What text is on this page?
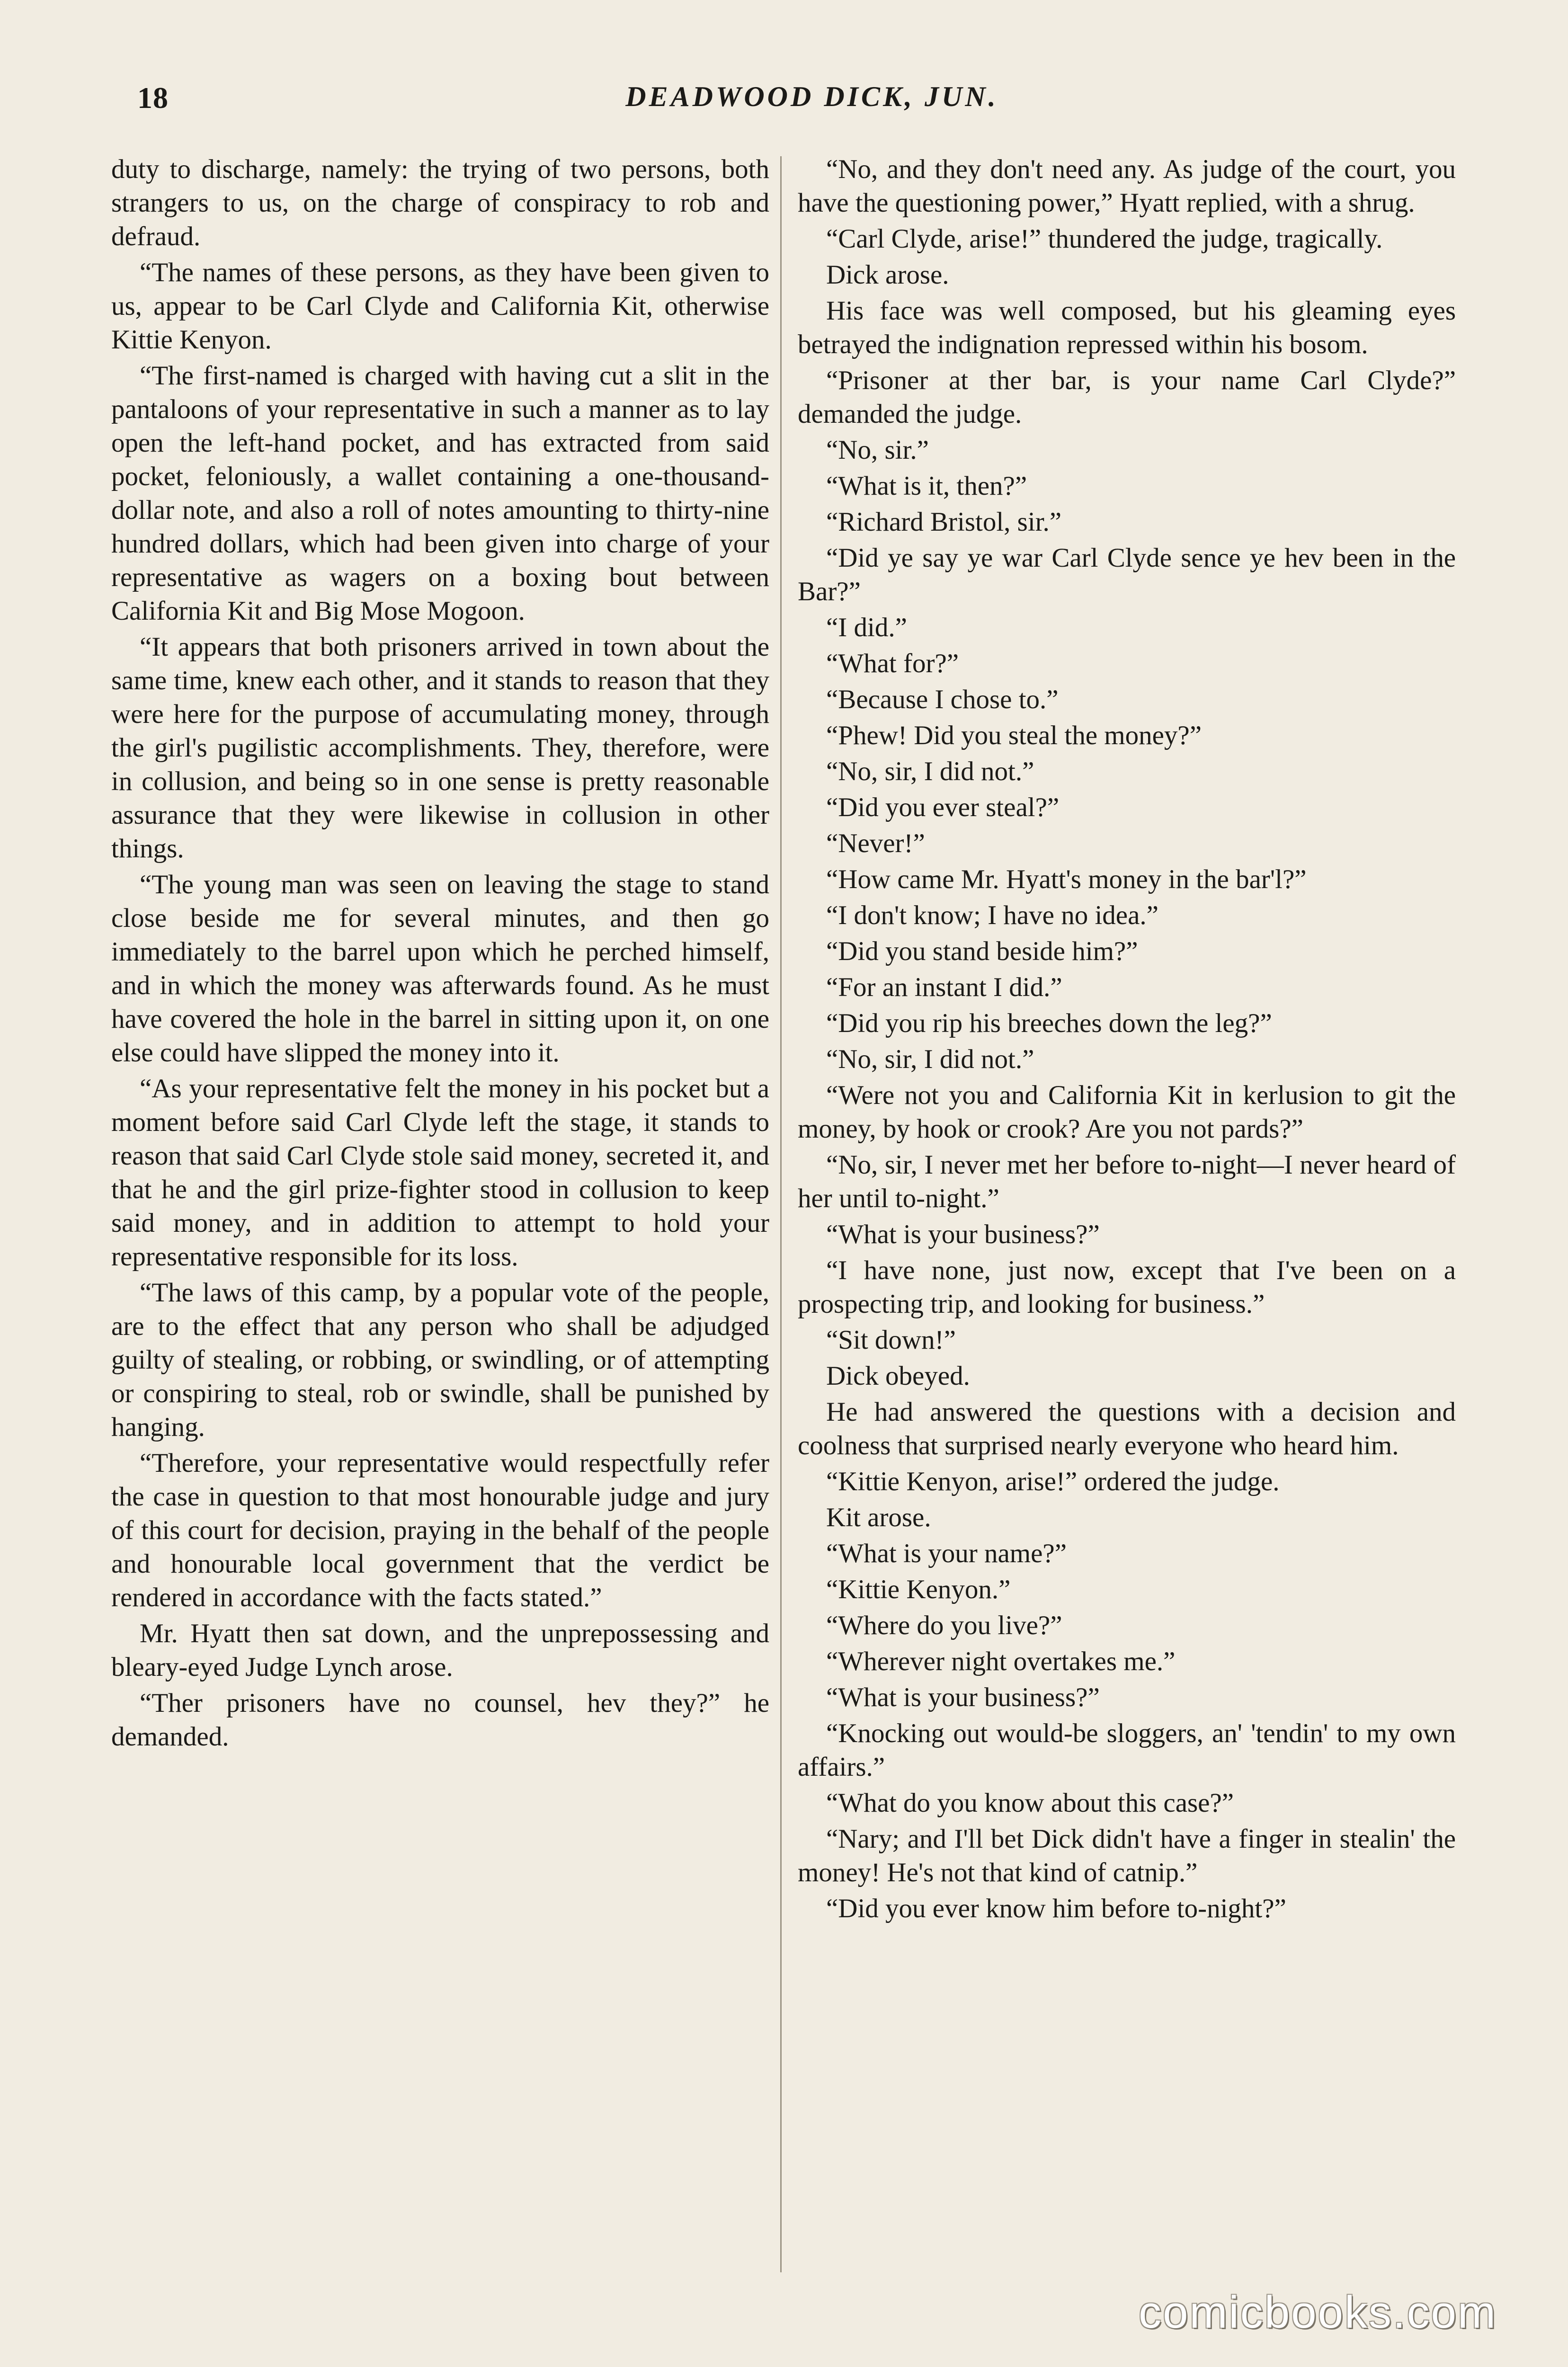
18	DEADWOOD DICK, JUN.

duty to discharge, namely: the trying of two persons, both strangers to us, on the charge of conspiracy to rob and defraud.

“The names of these persons, as they have been given to us, appear to be Carl Clyde and California Kit, otherwise Kittie Kenyon.

“The first-named is charged with having cut a slit in the pantaloons of your representative in such a manner as to lay open the left-hand pocket, and has extracted from said pocket, feloniously, a wallet containing a one-thousand-dollar note, and also a roll of notes amounting to thirty-nine hundred dollars, which had been given into charge of your representative as wagers on a boxing bout between California Kit and Big Mose Mogoon.

“It appears that both prisoners arrived in town about the same time, knew each other, and it stands to reason that they were here for the purpose of accumulating money, through the girl's pugilistic accomplishments. They, therefore, were in collusion, and being so in one sense is pretty reasonable assurance that they were likewise in collusion in other things.

“The young man was seen on leaving the stage to stand close beside me for several minutes, and then go immediately to the barrel upon which he perched himself, and in which the money was afterwards found. As he must have covered the hole in the barrel in sitting upon it, on one else could have slipped the money into it.

“As your representative felt the money in his pocket but a moment before said Carl Clyde left the stage, it stands to reason that said Carl Clyde stole said money, secreted it, and that he and the girl prize-fighter stood in collusion to keep said money, and in addition to attempt to hold your representative responsible for its loss.

“The laws of this camp, by a popular vote of the people, are to the effect that any person who shall be adjudged guilty of stealing, or robbing, or swindling, or of attempting or conspiring to steal, rob or swindle, shall be punished by hanging.

“Therefore, your representative would respectfully refer the case in question to that most honourable judge and jury of this court for decision, praying in the behalf of the people and honourable local government that the verdict be rendered in accordance with the facts stated.”

Mr. Hyatt then sat down, and the unprepossessing and bleary-eyed Judge Lynch arose.

“Ther prisoners have no counsel, hev they?” he demanded.

“No, and they don't need any. As judge of the court, you have the questioning power,” Hyatt replied, with a shrug.

“Carl Clyde, arise!” thundered the judge, tragically.

Dick arose.

His face was well composed, but his gleaming eyes betrayed the indignation repressed within his bosom.

“Prisoner at ther bar, is your name Carl Clyde?” demanded the judge.

“No, sir.”

“What is it, then?”

“Richard Bristol, sir.”

“Did ye say ye war Carl Clyde sence ye hev been in the Bar?”

“I did.”

“What for?”

“Because I chose to.”

“Phew! Did you steal the money?”

“No, sir, I did not.”

“Did you ever steal?”

“Never!”

“How came Mr. Hyatt's money in the bar'l?”

“I don't know; I have no idea.”

“Did you stand beside him?”

“For an instant I did.”

“Did you rip his breeches down the leg?”

“No, sir, I did not.”

“Were not you and California Kit in kerlusion to git the money, by hook or crook? Are you not pards?”

“No, sir, I never met her before to-night—I never heard of her until to-night.”

“What is your business?”

“I have none, just now, except that I've been on a prospecting trip, and looking for business.”

“Sit down!”

Dick obeyed.

He had answered the questions with a decision and coolness that surprised nearly everyone who heard him.

“Kittie Kenyon, arise!” ordered the judge.

Kit arose.

“What is your name?”

“Kittie Kenyon.”

“Where do you live?”

“Wherever night overtakes me.”

“What is your business?”

“Knocking out would-be sloggers, an' 'tendin' to my own affairs.”

“What do you know about this case?”

“Nary; and I'll bet Dick didn't have a finger in stealin' the money! He's not that kind of catnip.”

“Did you ever know him before to-night?”

comicbooks.com
